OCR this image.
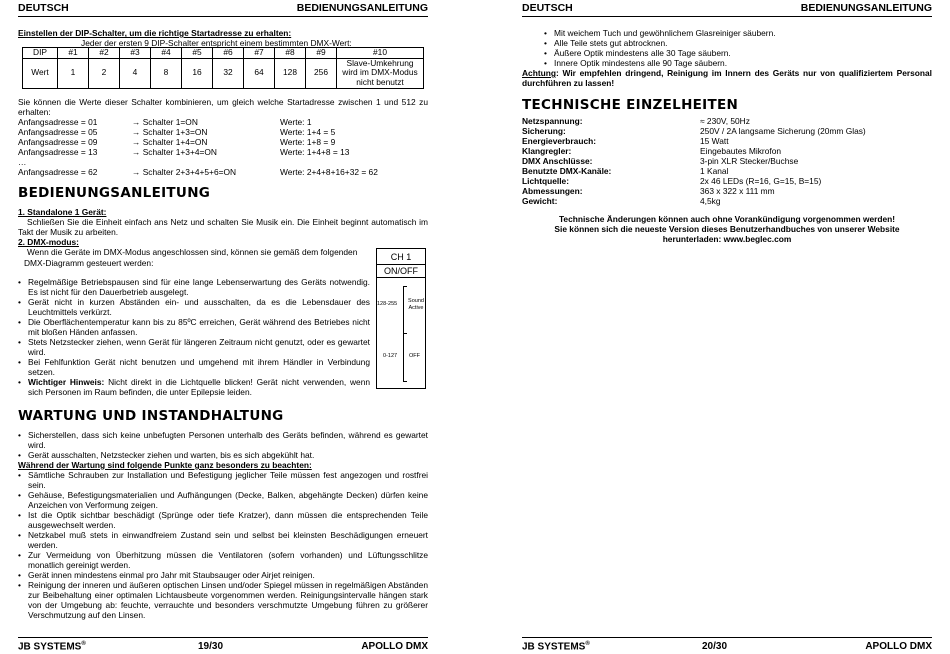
DEUTSCH	BEDIENUNGSANLEITUNG
Einstellen der DIP-Schalter, um die richtige Startadresse zu erhalten:
Jeder der ersten 9 DIP-Schalter entspricht einem bestimmten DMX-Wert:
DIP	#1	#2	#3	#4	#5	#6	#7	#8	#9	#10
Wert	1	2	4	8	16	32	64	128	256	Slave-Umkehrung
wird im DMX-Modus
nicht benutzt
Sie können die Werte dieser Schalter kombinieren, um gleich welche Startadresse zwischen 1 und 512 zu erhalten:
Anfangsadresse = 01	→ Schalter 1=ON	Werte: 1
Anfangsadresse = 05	→ Schalter 1+3=ON	Werte: 1+4 = 5
Anfangsadresse = 09	→ Schalter 1+4=ON	Werte: 1+8 = 9
Anfangsadresse = 13	→ Schalter 1+3+4=ON	Werte: 1+4+8 = 13
…
Anfangsadresse = 62	→ Schalter 2+3+4+5+6=ON	Werte: 2+4+8+16+32 = 62
BEDIENUNGSANLEITUNG
1. Standalone 1 Gerät:
Schließen Sie die Einheit einfach ans Netz und schalten Sie Musik ein. Die Einheit beginnt automatisch im Takt der Musik zu arbeiten.
2. DMX-modus:
Wenn die Geräte im DMX-Modus angeschlossen sind, können sie gemäß dem folgenden
DMX-Diagramm gesteuert werden:
CH 1
ON/OFF
128-255 Sound
Active
0-127 OFF
• Regelmäßige Betriebspausen sind für eine lange Lebenserwartung des Geräts notwendig. Es ist nicht für den Dauerbetrieb ausgelegt.
• Gerät nicht in kurzen Abständen ein- und ausschalten, da es die Lebensdauer des Leuchtmittels verkürzt.
• Die Oberflächentemperatur kann bis zu 85ºC erreichen, Gerät während des Betriebes nicht mit bloßen Händen anfassen.
• Stets Netzstecker ziehen, wenn Gerät für längeren Zeitraum nicht genutzt, oder es gewartet wird.
• Bei Fehlfunktion Gerät nicht benutzen und umgehend mit ihrem Händler in Verbindung setzen.
• Wichtiger Hinweis: Nicht direkt in die Lichtquelle blicken! Gerät nicht verwenden, wenn sich Personen im Raum befinden, die unter Epilepsie leiden.
WARTUNG UND INSTANDHALTUNG
• Sicherstellen, dass sich keine unbefugten Personen unterhalb des Geräts befinden, während es gewartet wird.
• Gerät ausschalten, Netzstecker ziehen und warten, bis es sich abgekühlt hat.
Während der Wartung sind folgende Punkte ganz besonders zu beachten:
• Sämtliche Schrauben zur Installation und Befestigung jeglicher Teile müssen fest angezogen und rostfrei sein.
• Gehäuse, Befestigungsmaterialien und Aufhängungen (Decke, Balken, abgehängte Decken) dürfen keine Anzeichen von Verformung zeigen.
• Ist die Optik sichtbar beschädigt (Sprünge oder tiefe Kratzer), dann müssen die entsprechenden Teile ausgewechselt werden.
• Netzkabel muß stets in einwandfreiem Zustand sein und selbst bei kleinsten Beschädigungen erneuert werden.
• Zur Vermeidung von Überhitzung müssen die Ventilatoren (sofern vorhanden) und Lüftungsschlitze monatlich gereinigt werden.
• Gerät innen mindestens einmal pro Jahr mit Staubsauger oder Airjet reinigen.
• Reinigung der inneren und äußeren optischen Linsen und/oder Spiegel müssen in regelmäßigen Abständen zur Beibehaltung einer optimalen Lichtausbeute vorgenommen werden. Reinigungsintervalle hängen stark von der Umgebung ab: feuchte, verrauchte und besonders verschmutzte Umgebung führen zu größerer Verschmutzung auf den Linsen.
JB SYSTEMS®	19/30	APOLLO DMX
DEUTSCH	BEDIENUNGSANLEITUNG
• Mit weichem Tuch und gewöhnlichem Glasreiniger säubern.
• Alle Teile stets gut abtrocknen.
• Äußere Optik mindestens alle 30 Tage säubern.
• Innere Optik mindestens alle 90 Tage säubern.
Achtung: Wir empfehlen dringend, Reinigung im Innern des Geräts nur von qualifiziertem Personal durchführen zu lassen!
TECHNISCHE EINZELHEITEN
Netzspannung:	≈ 230V, 50Hz
Sicherung:	250V / 2A langsame Sicherung (20mm Glas)
Energieverbrauch:	15 Watt
Klangregler:	Eingebautes Mikrofon
DMX Anschlüsse:	3-pin XLR Stecker/Buchse
Benutzte DMX-Kanäle:	1 Kanal
Lichtquelle:	2x 46 LEDs (R=16, G=15, B=15)
Abmessungen:	363 x 322 x 111 mm
Gewicht:	4,5kg
Technische Änderungen können auch ohne Vorankündigung vorgenommen werden!
Sie können sich die neueste Version dieses Benutzerhandbuches von unserer Website
herunterladen: www.beglec.com
JB SYSTEMS®	20/30	APOLLO DMX
